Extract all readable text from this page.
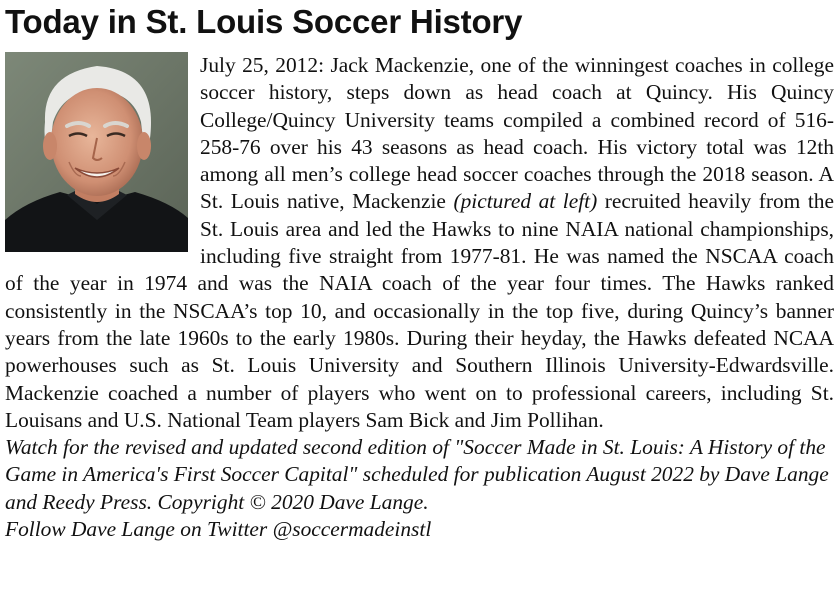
Today in St. Louis Soccer History

July 25, 2012: Jack Mackenzie, one of the winningest coaches in college soccer history, steps down as head coach at Quincy. His Quincy College/Quincy University teams compiled a combined record of 516-258-76 over his 43 seasons as head coach. His victory total was 12th among all men’s college head soccer coaches through the 2018 season. A St. Louis native, Mackenzie (pictured at left) recruited heavily from the St. Louis area and led the Hawks to nine NAIA national championships, including five straight from 1977-81. He was named the NSCAA coach of the year in 1974 and was the NAIA coach of the year four times. The Hawks ranked consistently in the NSCAA’s top 10, and occasionally in the top five, during Quincy’s banner years from the late 1960s to the early 1980s. During their heyday, the Hawks defeated NCAA powerhouses such as St. Louis University and Southern Illinois University-Edwardsville. Mackenzie coached a number of players who went on to professional careers, including St. Louisans and U.S. National Team players Sam Bick and Jim Pollihan.

Watch for the revised and updated second edition of "Soccer Made in St. Louis: A History of the Game in America's First Soccer Capital" scheduled for publication August 2022 by Dave Lange and Reedy Press. Copyright © 2020 Dave Lange.
Follow Dave Lange on Twitter @soccermadeinstl
